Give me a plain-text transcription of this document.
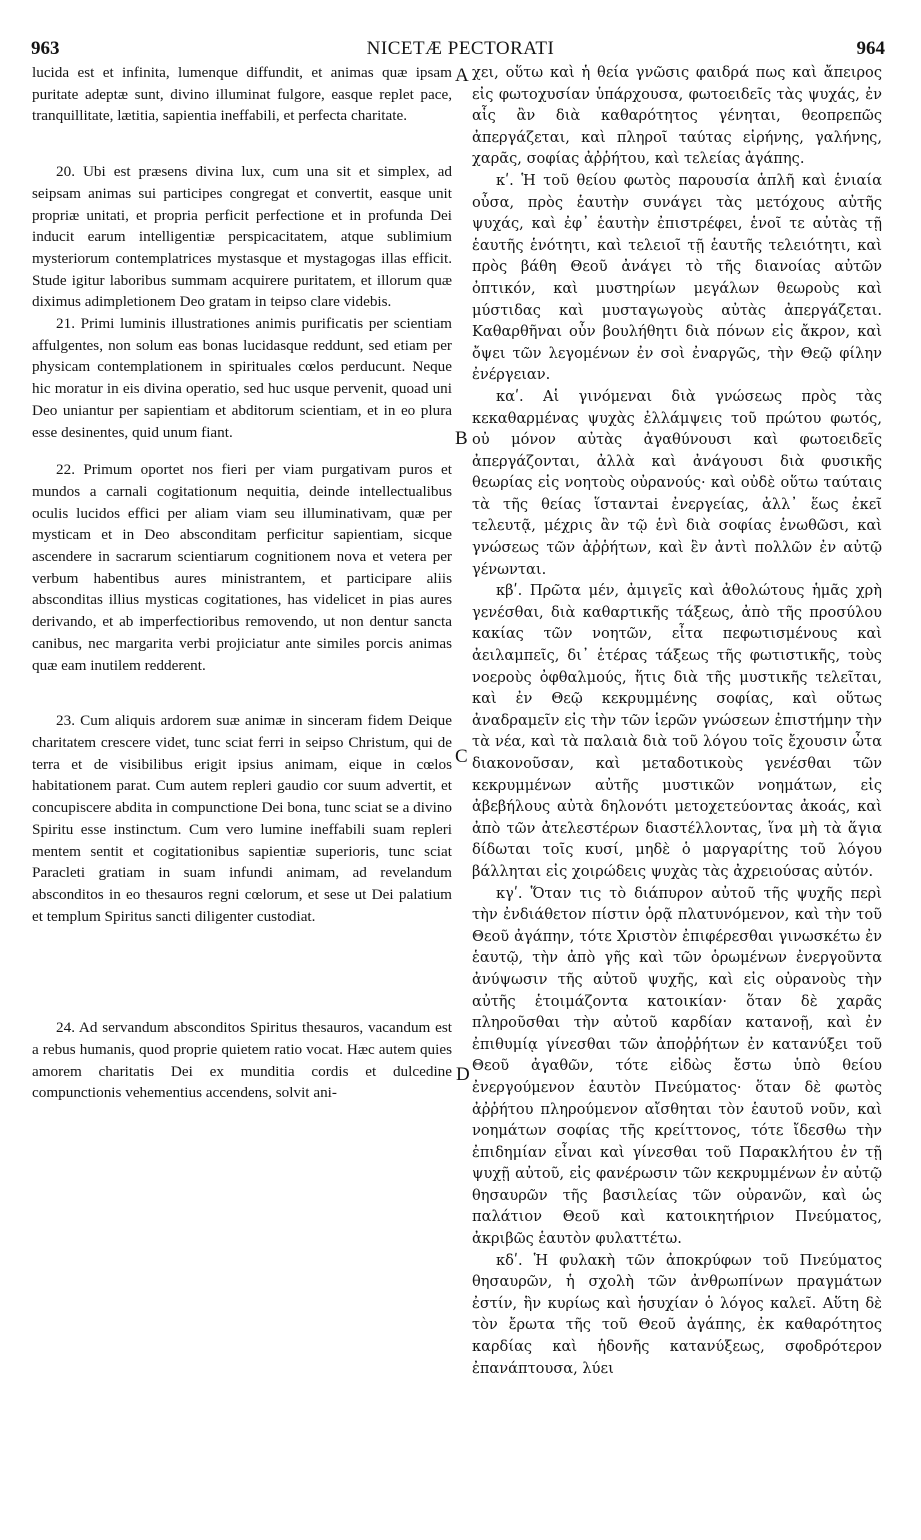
963	NICETÆ PECTORATI	964

lucida est et infinita, lumenque diffundit, et animas quæ ipsam puritate adeptæ sunt, divino illuminat fulgore, easque replet pace, tranquillitate, lætitia, sapientia ineffabili, et perfecta charitate.

20. Ubi est præsens divina lux, cum una sit et simplex, ad seipsam animas sui participes congregat et convertit, easque unit propriæ unitati, et propria perficit perfectione et in profunda Dei inducit earum intelligentiæ perspicacitatem, atque sublimium mysteriorum contemplatrices mystasque et mystagogas illas efficit. Stude igitur laboribus summam acquirere puritatem, et illorum quæ diximus adimpletionem Deo gratam in teipso clare videbis.

21. Primi luminis illustrationes animis purificatis per scientiam affulgentes, non solum eas bonas lucidasque reddunt, sed etiam per physicam contemplationem in spirituales cœlos perducunt. Neque hic moratur in eis divina operatio, sed huc usque pervenit, quoad uni Deo uniantur per sapientiam et abditorum scientiam, et in eo plura esse desinentes, quid unum fiant.

22. Primum oportet nos fieri per viam purgativam puros et mundos a carnali cogitationum nequitia, deinde intellectualibus oculis lucidos effici per aliam viam seu illuminativam, quæ per mysticam et in Deo absconditam perficitur sapientiam, sicque ascendere in sacrarum scientiarum cognitionem nova et vetera per verbum habentibus aures ministrantem, et participare aliis absconditas illius mysticas cogitationes, has videlicet in pias aures derivando, et ab imperfectioribus removendo, ut non dentur sancta canibus, nec margarita verbi projiciatur ante similes porcis animas quæ eam inutilem redderent.

23. Cum aliquis ardorem suæ animæ in sinceram fidem Deique charitatem crescere videt, tunc sciat ferri in seipso Christum, qui de terra et de visibilibus erigit ipsius animam, eique in cœlos habitationem parat. Cum autem repleri gaudio cor suum advertit, et concupiscere abdita in compunctione Dei bona, tunc sciat se a divino Spiritu esse instinctum. Cum vero lumine ineffabili suam repleri mentem sentit et cogitationibus sapientiæ superioris, tunc sciat Paracleti gratiam in suam infundi animam, ad revelandum absconditos in eo thesauros regni cœlorum, et sese ut Dei palatium et templum Spiritus sancti diligenter custodiat.

24. Ad servandum absconditos Spiritus thesauros, vacandum est a rebus humanis, quod proprie quietem ratio vocat. Hæc autem quies amorem charitatis Dei ex munditia cordis et dulcedine compunctionis vehementius accendens, solvit ani-

A
B
C
D

χει, οὕτω καὶ ἡ θεία γνῶσις φαιδρά πως καὶ ἄπειρος εἰς φωτοχυσίαν ὑπάρχουσα, φωτοειδεῖς τὰς ψυχάς, ἐν αἷς ἂν διὰ καθαρότητος γένηται, θεοπρεπῶς ἀπεργάζεται, καὶ πληροῖ ταύτας εἰρήνης, γαλήνης, χαρᾶς, σοφίας ἀῤῥήτου, καὶ τελείας ἀγάπης.

κʹ. Ἡ τοῦ θείου φωτὸς παρουσία ἁπλῆ καὶ ἑνιαία οὖσα, πρὸς ἑαυτὴν συνάγει τὰς μετόχους αὐτῆς ψυχάς, καὶ ἐφ᾽ ἑαυτὴν ἐπιστρέφει, ἑνοῖ τε αὐτὰς τῇ ἑαυτῆς ἑνότητι, καὶ τελειοῖ τῇ ἑαυτῆς τελειότητι, καὶ πρὸς βάθη Θεοῦ ἀνάγει τὸ τῆς διανοίας αὐτῶν ὀπτικόν, καὶ μυστηρίων μεγάλων θεωροὺς καὶ μύστιδας καὶ μυσταγωγοὺς αὐτὰς ἀπεργάζεται. Καθαρθῆναι οὖν βουλήθητι διὰ πόνων εἰς ἄκρον, καὶ ὄψει τῶν λεγομένων ἐν σοὶ ἐναργῶς, τὴν Θεῷ φίλην ἐνέργειαν.

καʹ. Αἱ γινόμεναι διὰ γνώσεως πρὸς τὰς κεκαθαρμένας ψυχὰς ἐλλάμψεις τοῦ πρώτου φωτός, οὐ μόνον αὐτὰς ἀγαθύνουσι καὶ φωτοειδεῖς ἀπεργάζονται, ἀλλὰ καὶ ἀνάγουσι διὰ φυσικῆς θεωρίας εἰς νοητοὺς οὐρανούς· καὶ οὐδὲ οὕτω ταύταις τὰ τῆς θείας ἵσταντai ἐνεργείας, ἀλλ᾽ ἕως ἐκεῖ τελευτᾷ, μέχρις ἂν τῷ ἑνὶ διὰ σοφίας ἑνωθῶσι, καὶ γνώσεως τῶν ἀῤῥήτων, καὶ ἓν ἀντὶ πολλῶν ἐν αὐτῷ γένωνται.

κβʹ. Πρῶτα μέν, ἀμιγεῖς καὶ ἀθολώτους ἡμᾶς χρὴ γενέσθαι, διὰ καθαρτικῆς τάξεως, ἀπὸ τῆς προσύλου κακίας τῶν νοητῶν, εἶτα πεφωτισμένους καὶ ἀειλαμπεῖς, δι᾽ ἑτέρας τάξεως τῆς φωτιστικῆς, τοὺς νοεροὺς ὀφθαλμούς, ἥτις διὰ τῆς μυστικῆς τελεῖται, καὶ ἐν Θεῷ κεκρυμμένης σοφίας, καὶ οὕτως ἀναδραμεῖν εἰς τὴν τῶν ἱερῶν γνώσεων ἐπιστήμην τὴν τὰ νέα, καὶ τὰ παλαιὰ διὰ τοῦ λόγου τοῖς ἔχουσιν ὦτα διακονοῦσαν, καὶ μεταδοτικοὺς γενέσθαι τῶν κεκρυμμένων αὐτῆς μυστικῶν νοημάτων, εἰς ἀβεβήλους αὐτὰ δηλονότι μετοχετεύοντας ἀκοάς, καὶ ἀπὸ τῶν ἀτελεστέρων διαστέλλοντας, ἵνα μὴ τὰ ἅγια δίδωται τοῖς κυσί, μηδὲ ὁ μαργαρίτης τοῦ λόγου βάλληται εἰς χοιρώδεις ψυχὰς τὰς ἀχρειούσας αὐτόν.

κγʹ. Ὅταν τις τὸ διάπυρον αὐτοῦ τῆς ψυχῆς περὶ τὴν ἐνδιάθετον πίστιν ὁρᾷ πλατυνόμενον, καὶ τὴν τοῦ Θεοῦ ἀγάπην, τότε Χριστὸν ἐπιφέρεσθαι γινωσκέτω ἐν ἑαυτῷ, τὴν ἀπὸ γῆς καὶ τῶν ὁρωμένων ἐνεργοῦντα ἀνύψωσιν τῆς αὐτοῦ ψυχῆς, καὶ εἰς οὐρανοὺς τὴν αὐτῆς ἑτοιμάζοντα κατοικίαν· ὅταν δὲ χαρᾶς πληροῦσθαι τὴν αὐτοῦ καρδίαν κατανοῇ, καὶ ἐν ἐπιθυμίᾳ γίνεσθαι τῶν ἀποῤῥήτων ἐν κατανύξει τοῦ Θεοῦ ἀγαθῶν, τότε εἰδὼς ἔστω ὑπὸ θείου ἐνεργούμενον ἑαυτὸν Πνεύματος· ὅταν δὲ φωτὸς ἀῤῥήτου πληρούμενον αἴσθηται τὸν ἑαυτοῦ νοῦν, καὶ νοημάτων σοφίας τῆς κρείττονος, τότε ἴδεσθω τὴν ἐπιδημίαν εἶναι καὶ γίνεσθαι τοῦ Παρακλήτου ἐν τῇ ψυχῇ αὐτοῦ, εἰς φανέρωσιν τῶν κεκρυμμένων ἐν αὐτῷ θησαυρῶν τῆς βασιλείας τῶν οὐρανῶν, καὶ ὡς παλάτιον Θεοῦ καὶ κατοικητήριον Πνεύματος, ἀκριβῶς ἑαυτὸν φυλαττέτω.

κδʹ. Ἡ φυλακὴ τῶν ἀποκρύφων τοῦ Πνεύματος θησαυρῶν, ἡ σχολὴ τῶν ἀνθρωπίνων πραγμάτων ἐστίν, ἣν κυρίως καὶ ἡσυχίαν ὁ λόγος καλεῖ. Αὕτη δὲ τὸν ἔρωτα τῆς τοῦ Θεοῦ ἀγάπης, ἐκ καθαρότητος καρδίας καὶ ἡδονῆς κατανύξεως, σφοδρότερον ἐπανάπτουσα, λύει
